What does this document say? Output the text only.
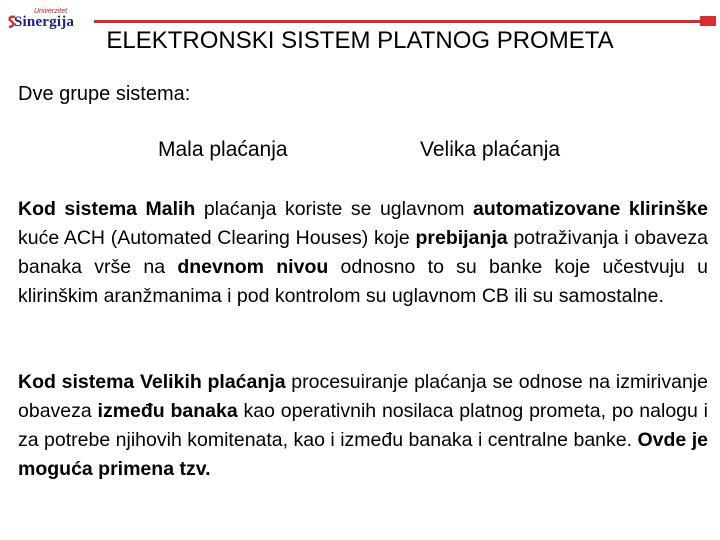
Univerzitet
Sinergija
ELEKTRONSKI SISTEM PLATNOG PROMETA
Dve grupe sistema:
Mala plaćanja	Velika plaćanja
Kod sistema Malih plaćanja koriste se uglavnom automatizovane klirinške kuće ACH (Automated Clearing Houses) koje prebijanja potraživanja i obaveza banaka vrše na dnevnom nivou odnosno to su banke koje učestvuju u klirinškim aranžmanima i pod kontrolom su uglavnom CB ili su samostalne.
Kod sistema Velikih plaćanja procesuiranje plaćanja se odnose na izmirivanje obaveza između banaka kao operativnih nosilaca platnog prometa, po nalogu i za potrebe njihovih komitenata, kao i između banaka i centralne banke. Ovde je moguća primena tzv.
